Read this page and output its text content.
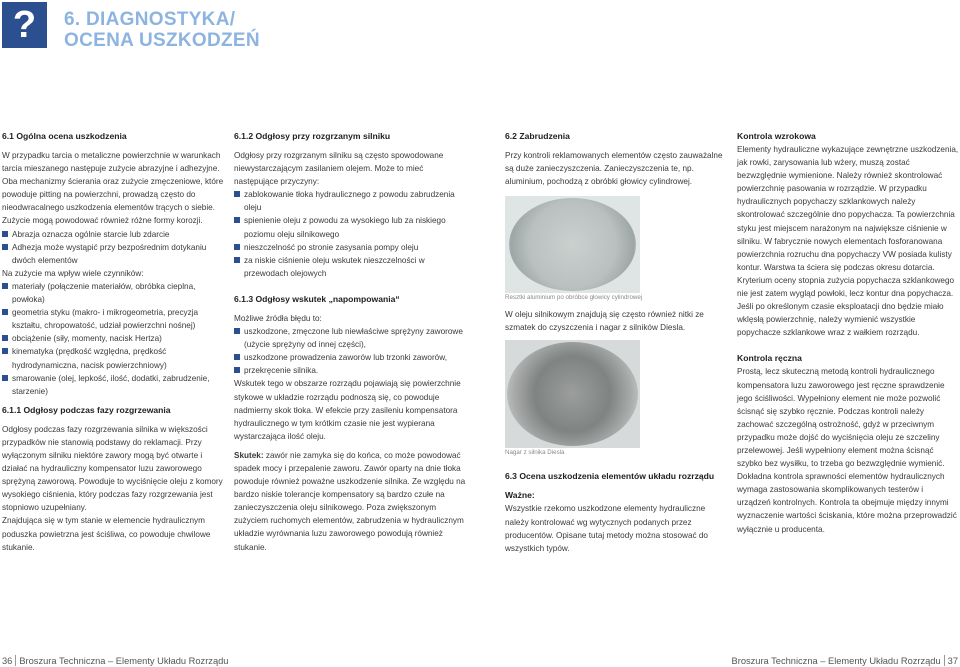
?	6. DIAGNOSTYKA/
OCENA USZKODZEŃ
6.1 Ogólna ocena uszkodzenia

W przypadku tarcia o metaliczne powierzchnie w warunkach tarcia mieszanego następuje zużycie abrazyjne i adhezyjne. Oba mechanizmy ścierania oraz zużycie zmęczeniowe, które powoduje pitting na powierzchni, prowadzą często do nieodwracalnego uszkodzenia elementów trących o siebie. Zużycie mogą powodować również różne formy korozji.

Abrazja oznacza ogólnie starcie lub zdarcie
Adhezja może wystąpić przy bezpośrednim dotykaniu dwóch elementów

Na zużycie ma wpływ wiele czynników:

materiały (połączenie materiałów, obróbka cieplna, powłoka)
geometria styku (makro- i mikrogeometria, precyzja kształtu, chropowatość, udział powierzchni nośnej)
obciążenie (siły, momenty, nacisk Hertza)
kinematyka (prędkość względna, prędkość hydrodynamiczna, nacisk powierzchniowy)
smarowanie (olej, lepkość, ilość, dodatki, zabrudzenie, starzenie)
6.1.1 Odgłosy podczas fazy rozgrzewania

Odgłosy podczas fazy rozgrzewania silnika w większości przypadków nie stanowią podstawy do reklamacji. Przy wyłączonym silniku niektóre zawory mogą być otwarte i działać na hydrauliczny kompensator luzu zaworowego sprężyną zaworową. Powoduje to wyciśnięcie oleju z komory wysokiego ciśnienia, który podczas fazy rozgrzewania jest stopniowo uzupełniany.

Znajdująca się w tym stanie w elemencie hydraulicznym poduszka powietrzna jest ściśliwa, co powoduje chwilowe stukanie.

6.1.2 Odgłosy przy rozgrzanym silniku

Odgłosy przy rozgrzanym silniku są często spowodowane niewystarczającym zasilaniem olejem. Może to mieć następujące przyczyny:

zablokowanie tłoka hydraulicznego z powodu zabrudzenia oleju
spienienie oleju z powodu za wysokiego lub za niskiego poziomu oleju silnikowego
nieszczelność po stronie zasysania pompy oleju
za niskie ciśnienie oleju wskutek nieszczelności w przewodach olejowych
6.1.3 Odgłosy wskutek „napompowania“

Możliwe źródła błędu to:

uszkodzone, zmęczone lub niewłaściwe sprężyny zaworowe (użycie sprężyny od innej części),
uszkodzone prowadzenia zaworów lub trzonki zaworów,
przekręcenie silnika.

Wskutek tego w obszarze rozrządu pojawiają się powierzchnie stykowe w układzie rozrządu podnoszą się, co powoduje nadmierny skok tłoka. W efekcie przy zasileniu kompensatora hydraulicznego w tym krótkim czasie nie jest wypierana wystarczająca ilość oleju.

Skutek: zawór nie zamyka się do końca, co może powodować spadek mocy i przepalenie zaworu. Zawór oparty na dnie tłoka powoduje również poważne uszkodzenie silnika. Ze względu na bardzo niskie tolerancje kompensatory są bardzo czułe na zanieczyszczenia oleju silnikowego. Poza zwiększonym zużyciem ruchomych elementów, zabrudzenia w hydraulicznym układzie wyrównania luzu zaworowego powodują również stukanie.

6.2 Zabrudzenia

Przy kontroli reklamowanych elementów często zauważalne są duże zanieczyszczenia. Zanieczyszczenia te, np. aluminium, pochodzą z obróbki głowicy cylindrowej.

Resztki aluminium po obróbce głowicy cylindrowej

W oleju silnikowym znajdują się często również nitki ze szmatek do czyszczenia i nagar z silników Diesla.

Nagar z silnika Diesla
6.3 Ocena uszkodzenia elementów układu rozrządu
Ważne:

Wszystkie rzekomo uszkodzone elementy hydrauliczne należy kontrolować wg wytycznych podanych przez producentów. Opisane tutaj metody można stosować do wszystkich typów.

Kontrola wzrokowa

Elementy hydrauliczne wykazujące zewnętrzne uszkodzenia, jak rowki, zarysowania lub wżery, muszą zostać bezwzględnie wymienione. Należy również skontrolować powierzchnię pasowania w rozrządzie. W przypadku hydraulicznych popychaczy szklankowych należy skontrolować szczególnie dno popychacza. Ta powierzchnia styku jest miejscem narażonym na największe ciśnienie w silniku. W fabrycznie nowych elementach fosforanowana powierzchnia rozruchu dna popychaczy VW posiada kulisty kontur. Warstwa ta ściera się podczas okresu dotarcia. Kryterium oceny stopnia zużycia popychacza szklankowego nie jest zatem wygląd powłoki, lecz kontur dna popychacza. Jeśli po określonym czasie eksploatacji dno będzie miało wklęsłą powierzchnię, należy wymienić wszystkie popychacze szklankowe wraz z wałkiem rozrządu.

Kontrola ręczna

Prostą, lecz skuteczną metodą kontroli hydraulicznego kompensatora luzu zaworowego jest ręczne sprawdzenie jego ściśliwości. Wypełniony element nie może pozwolić ścisnąć się szybko ręcznie. Podczas kontroli należy zachować szczególną ostrożność, gdyż w przeciwnym przypadku może dojść do wyciśnięcia oleju ze szczeliny przelewowej. Jeśli wypełniony element można ścisnąć szybko bez wysiłku, to trzeba go bezwzględnie wymienić. Dokładna kontrola sprawności elementów hydraulicznych wymaga zastosowania skomplikowanych testerów i urządzeń kontrolnych. Kontrola ta obejmuje między innymi wyznaczenie wartości ściskania, które można przeprowadzić wyłącznie u producenta.

36 Broszura Techniczna – Elementy Układu Rozrządu	Broszura Techniczna – Elementy Układu Rozrządu 37
